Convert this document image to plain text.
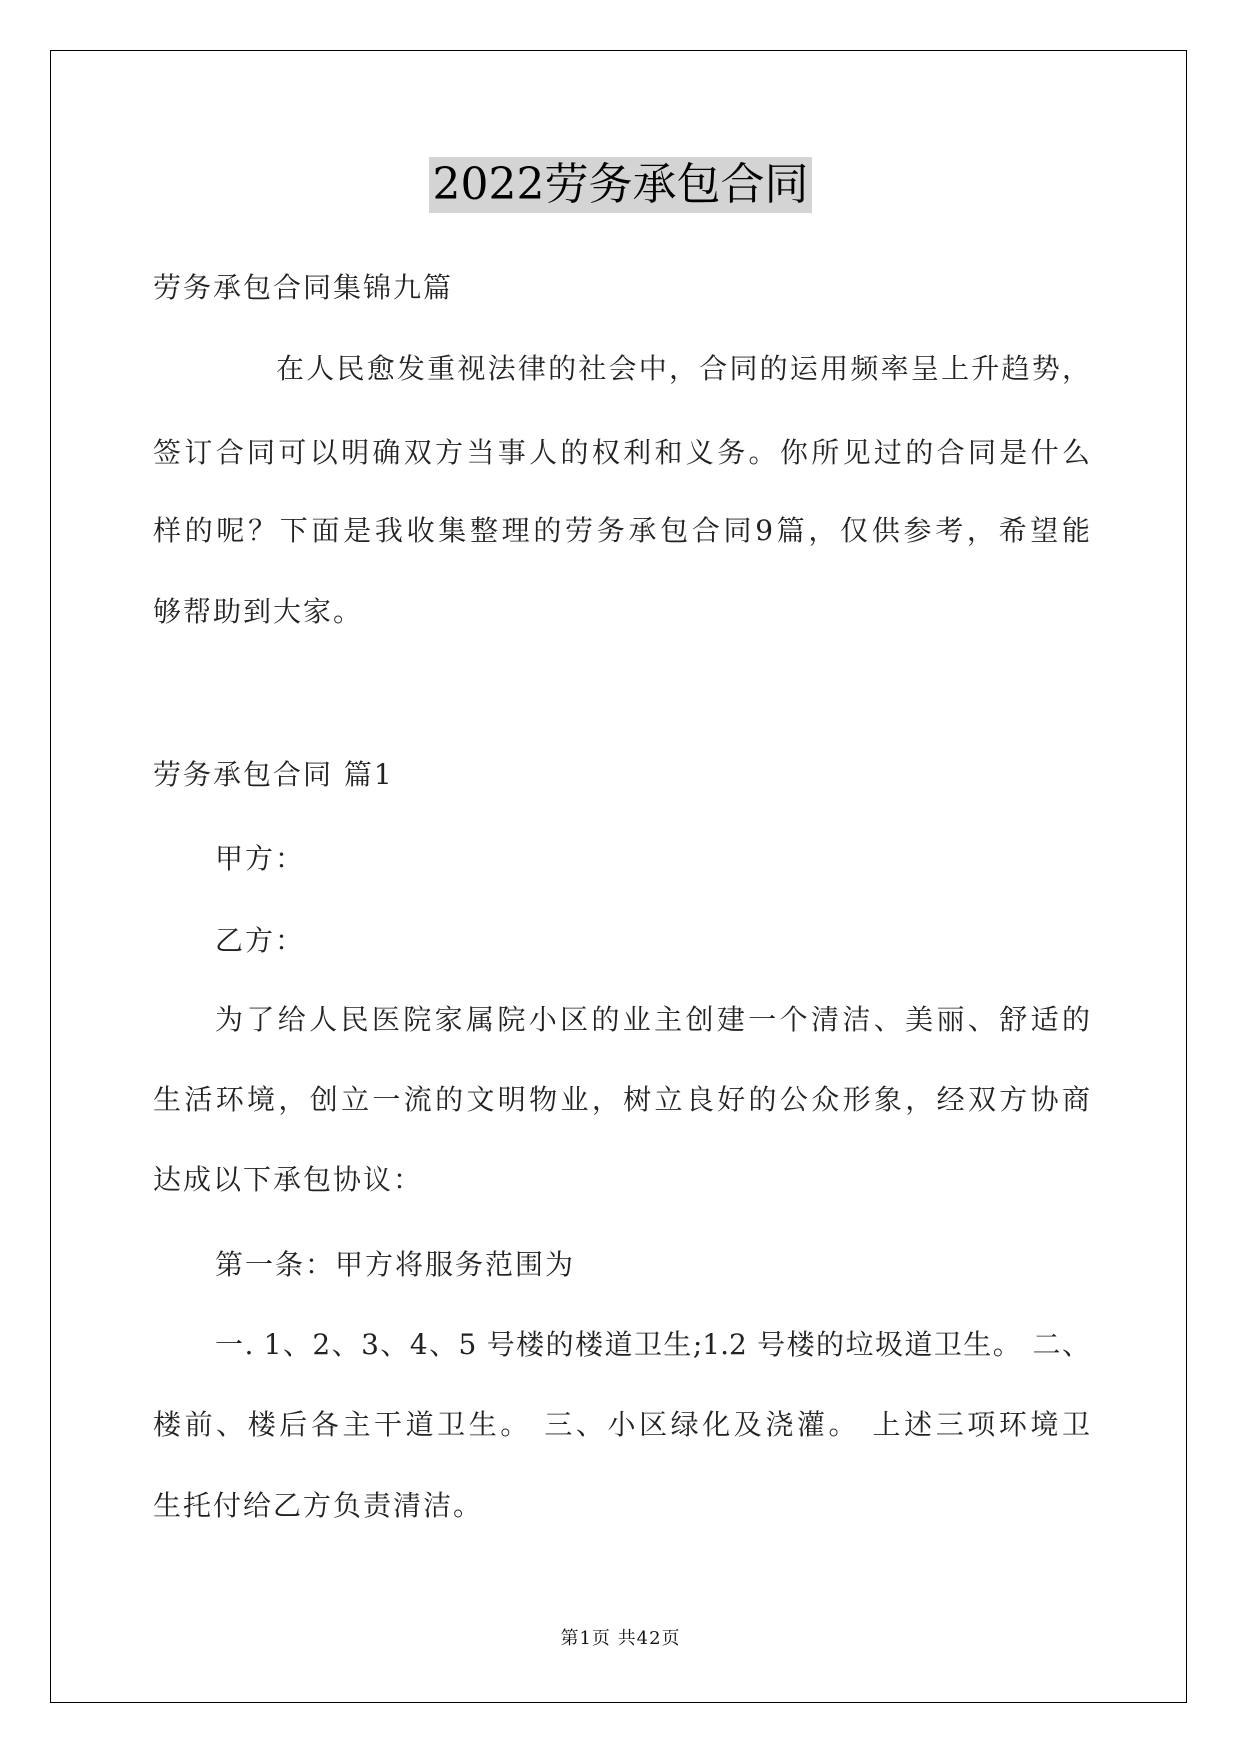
2022劳务承包合同
劳务承包合同集锦九篇
在人民愈发重视法律的社会中，合同的运用频率呈上升趋势，
签订合同可以明确双方当事人的权利和义务。你所见过的合同是什么
样的呢？下面是我收集整理的劳务承包合同9篇，仅供参考，希望能
够帮助到大家。
劳务承包合同 篇1
甲方：
乙方：
为了给人民医院家属院小区的业主创建一个清洁、美丽、舒适的
生活环境，创立一流的文明物业，树立良好的公众形象，经双方协商
达成以下承包协议：
第一条：甲方将服务范围为
一. 1、2、3、4、5 号楼的楼道卫生;1.2 号楼的垃圾道卫生。 二、
楼前、楼后各主干道卫生。 三、小区绿化及浇灌。 上述三项环境卫
生托付给乙方负责清洁。
第1页 共42页
